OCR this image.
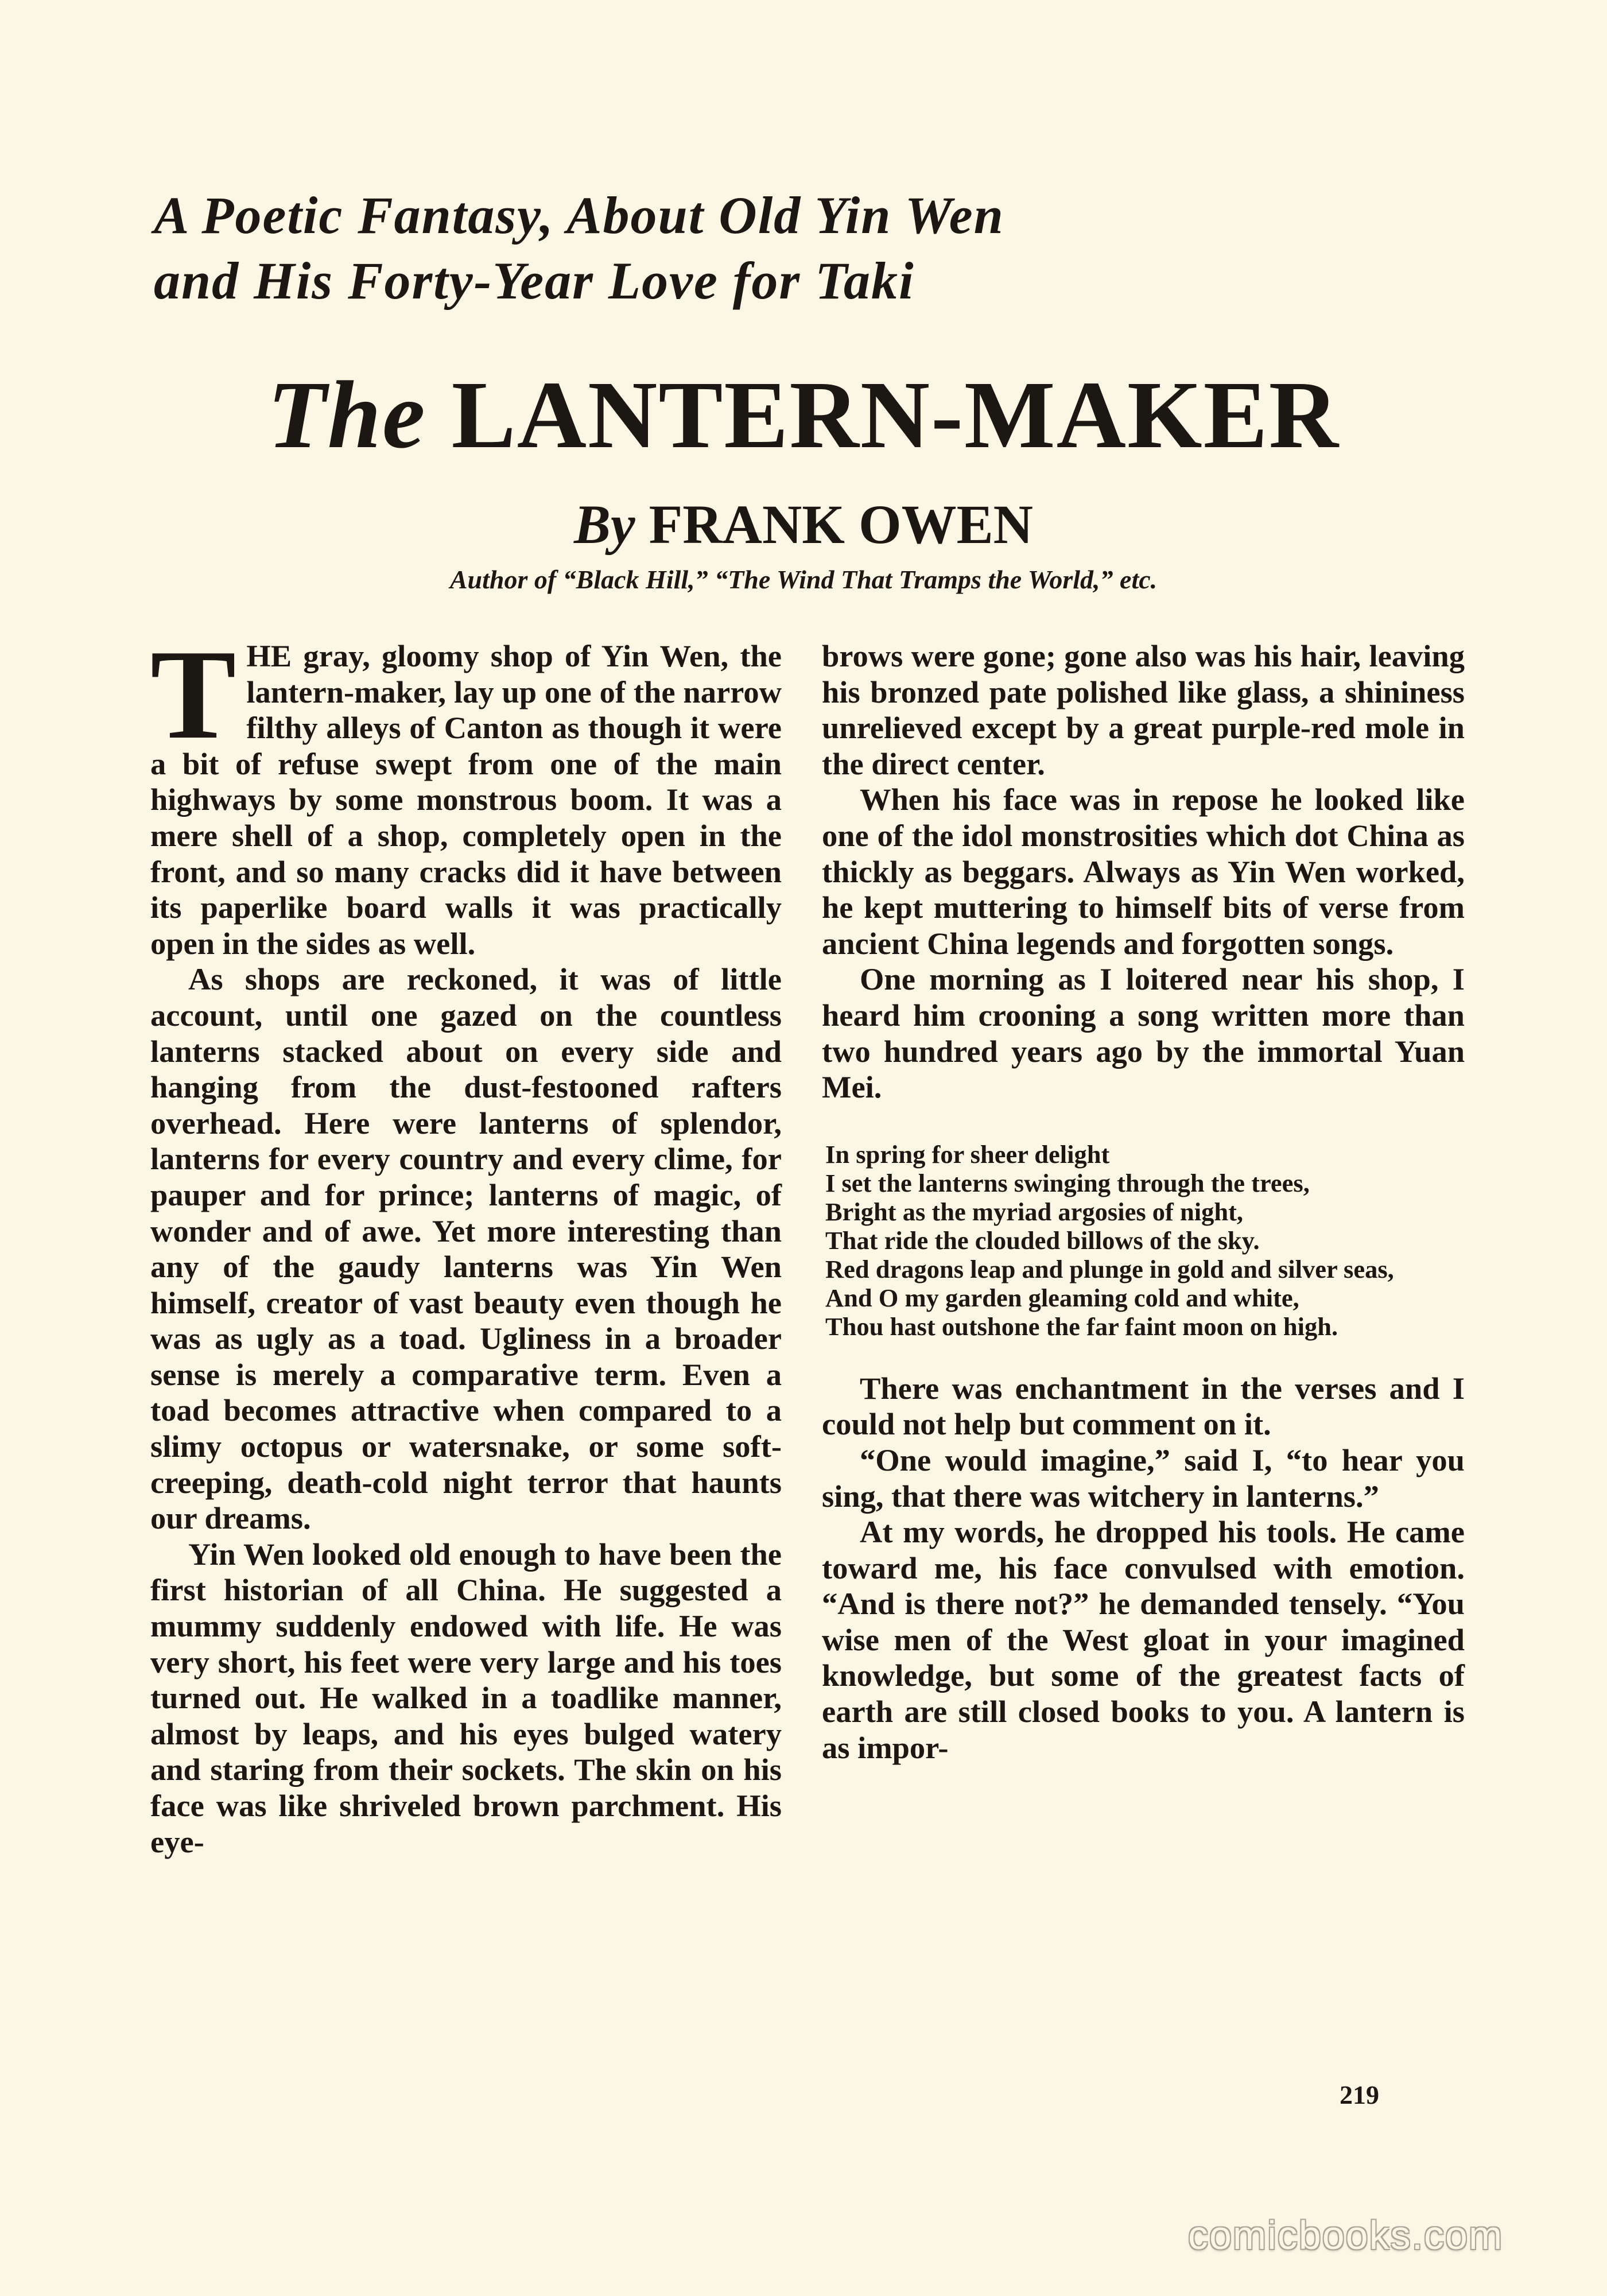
A Poetic Fantasy, About Old Yin Wen
and His Forty-Year Love for Taki
The LANTERN-MAKER
By FRANK OWEN
Author of “Black Hill,” “The Wind That Tramps the World,” etc.

THE gray, gloomy shop of Yin Wen, the lantern-maker, lay up one of the narrow filthy alleys of Canton as though it were a bit of refuse swept from one of the main highways by some monstrous boom. It was a mere shell of a shop, completely open in the front, and so many cracks did it have between its paperlike board walls it was practically open in the sides as well.

As shops are reckoned, it was of little account, until one gazed on the countless lanterns stacked about on every side and hanging from the dust-festooned rafters overhead. Here were lanterns of splendor, lanterns for every country and every clime, for pauper and for prince; lanterns of magic, of wonder and of awe. Yet more interesting than any of the gaudy lanterns was Yin Wen himself, creator of vast beauty even though he was as ugly as a toad. Ugliness in a broader sense is merely a comparative term. Even a toad becomes attractive when compared to a slimy octopus or watersnake, or some soft-creeping, death-cold night terror that haunts our dreams.

Yin Wen looked old enough to have been the first historian of all China. He suggested a mummy suddenly endowed with life. He was very short, his feet were very large and his toes turned out. He walked in a toadlike manner, almost by leaps, and his eyes bulged watery and staring from their sockets. The skin on his face was like shriveled brown parchment. His eye-

brows were gone; gone also was his hair, leaving his bronzed pate polished like glass, a shininess unrelieved except by a great purple-red mole in the direct center.

When his face was in repose he looked like one of the idol monstrosities which dot China as thickly as beggars. Always as Yin Wen worked, he kept muttering to himself bits of verse from ancient China legends and forgotten songs.

One morning as I loitered near his shop, I heard him crooning a song written more than two hundred years ago by the immortal Yuan Mei.

In spring for sheer delight
I set the lanterns swinging through the trees,
Bright as the myriad argosies of night,
That ride the clouded billows of the sky.
Red dragons leap and plunge in gold and silver seas,
And O my garden gleaming cold and white,
Thou hast outshone the far faint moon on high.

There was enchantment in the verses and I could not help but comment on it.

“One would imagine,” said I, “to hear you sing, that there was witchery in lanterns.”

At my words, he dropped his tools. He came toward me, his face convulsed with emotion. “And is there not?” he demanded tensely. “You wise men of the West gloat in your imagined knowledge, but some of the greatest facts of earth are still closed books to you. A lantern is as impor-

219
comicbooks.com
